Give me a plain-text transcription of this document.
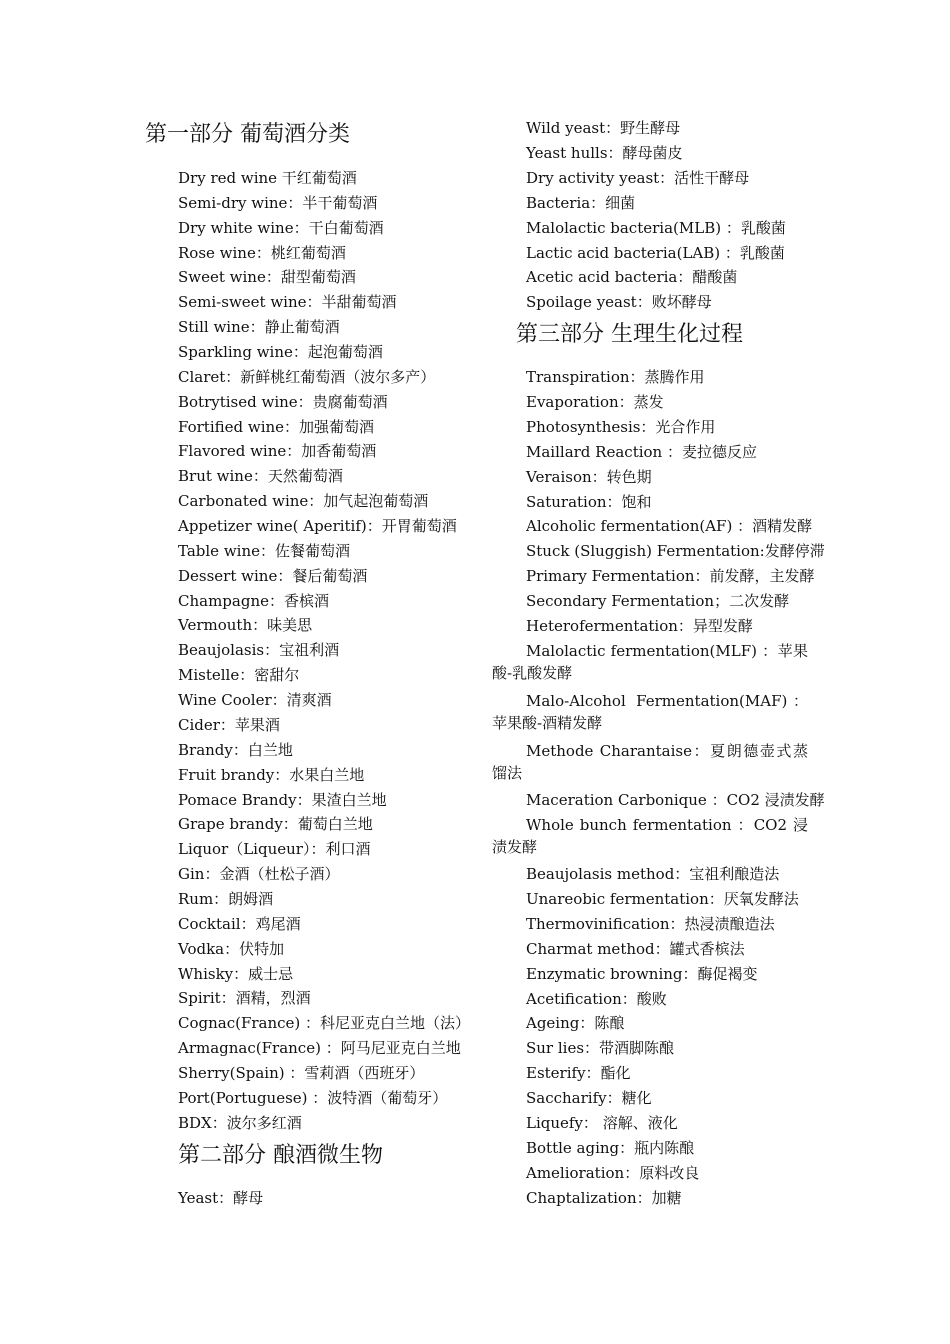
第一部分 葡萄酒分类
Dry red wine 干红葡萄酒
Semi-dry wine：半干葡萄酒
Dry white wine：干白葡萄酒
Rose wine：桃红葡萄酒
Sweet wine：甜型葡萄酒
Semi-sweet wine：半甜葡萄酒
Still wine：静止葡萄酒
Sparkling wine：起泡葡萄酒
Claret：新鲜桃红葡萄酒（波尔多产）
Botrytised wine：贵腐葡萄酒
Fortified wine：加强葡萄酒
Flavored wine：加香葡萄酒
Brut wine：天然葡萄酒
Carbonated wine：加气起泡葡萄酒
Appetizer wine( Aperitif)：开胃葡萄酒
Table wine：佐餐葡萄酒
Dessert wine：餐后葡萄酒
Champagne：香槟酒
Vermouth：味美思
Beaujolasis：宝祖利酒
Mistelle：密甜尔
Wine Cooler：清爽酒
Cider：苹果酒
Brandy：白兰地
Fruit brandy：水果白兰地
Pomace Brandy：果渣白兰地
Grape brandy：葡萄白兰地
Liquor（Liqueur）：利口酒
Gin：金酒（杜松子酒）
Rum：朗姆酒
Cocktail：鸡尾酒
Vodka：伏特加
Whisky：威士忌
Spirit：酒精，烈酒
Cognac(France) ：科尼亚克白兰地（法）
Armagnac(France) ：阿马尼亚克白兰地
Sherry(Spain) ：雪莉酒（西班牙）
Port(Portuguese) ：波特酒（葡萄牙）
BDX：波尔多红酒
第二部分 酿酒微生物
Yeast：酵母
Wild yeast：野生酵母
Yeast hulls：酵母菌皮
Dry activity yeast：活性干酵母
Bacteria：细菌
Malolactic bacteria(MLB) ：乳酸菌
Lactic acid bacteria(LAB) ：乳酸菌
Acetic acid bacteria：醋酸菌
Spoilage yeast：败坏酵母
第三部分 生理生化过程
Transpiration：蒸腾作用
Evaporation：蒸发
Photosynthesis：光合作用
Maillard Reaction ：麦拉德反应
Veraison：转色期
Saturation：饱和
Alcoholic fermentation(AF) ：酒精发酵
Stuck (Sluggish) Fermentation:发酵停滞
Primary Fermentation：前发酵，主发酵
Secondary Fermentation；二次发酵
Heterofermentation：异型发酵
Malolactic fermentation(MLF) ：苹果酸-乳酸发酵
Malo-Alcohol Fermentation(MAF)：苹果酸-酒精发酵
Methode Charantaise：夏朗德壶式蒸馏法
Maceration Carbonique ：CO2 浸渍发酵
Whole bunch fermentation ：CO2 浸渍发酵
Beaujolasis method：宝祖利酿造法
Unareobic fermentation：厌氧发酵法
Thermovinification：热浸渍酿造法
Charmat method：罐式香槟法
Enzymatic browning：酶促褐变
Acetification：酸败
Ageing：陈酿
Sur lies：带酒脚陈酿
Esterify：酯化
Saccharify：糖化
Liquefy： 溶解、液化
Bottle aging：瓶内陈酿
Amelioration：原料改良
Chaptalization：加糖
